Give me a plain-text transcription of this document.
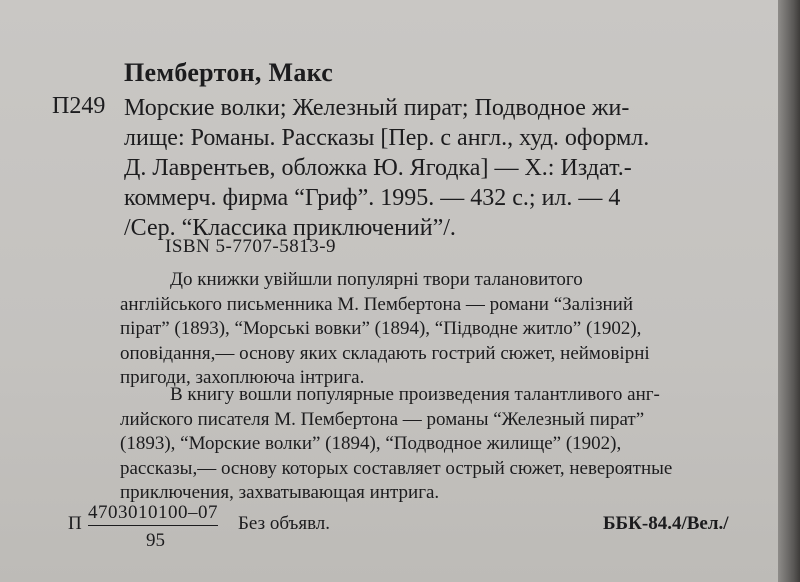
Пембертон, Макс
П249 Морские волки; Железный пират; Подводное жи-
лище: Романы. Рассказы [Пер. с англ., худ. оформл.
Д. Лаврентьев, обложка Ю. Ягодка] — Х.: Издат.-
коммерч. фирма “Гриф”. 1995. — 432 с.; ил. — 4
/Сер. “Классика приключений”/.
ISBN 5-7707-5813-9
До книжки увійшли популярні твори талановитого
англійського письменника М. Пембертона — романи “Залізний
пірат” (1893), “Морські вовки” (1894), “Підводне житло” (1902),
оповідання,— основу яких складають гострий сюжет, неймовірні
пригоди, захоплююча інтрига.
В книгу вошли популярные произведения талантливого анг-
лийского писателя М. Пембертона — романы “Железный пират”
(1893), “Морские волки” (1894), “Подводное жилище” (1902),
рассказы,— основу которых составляет острый сюжет, невероятные
приключения, захватывающая интрига.
П
4703010100–07
95
Без объявл.	ББК-84.4/Вел./
